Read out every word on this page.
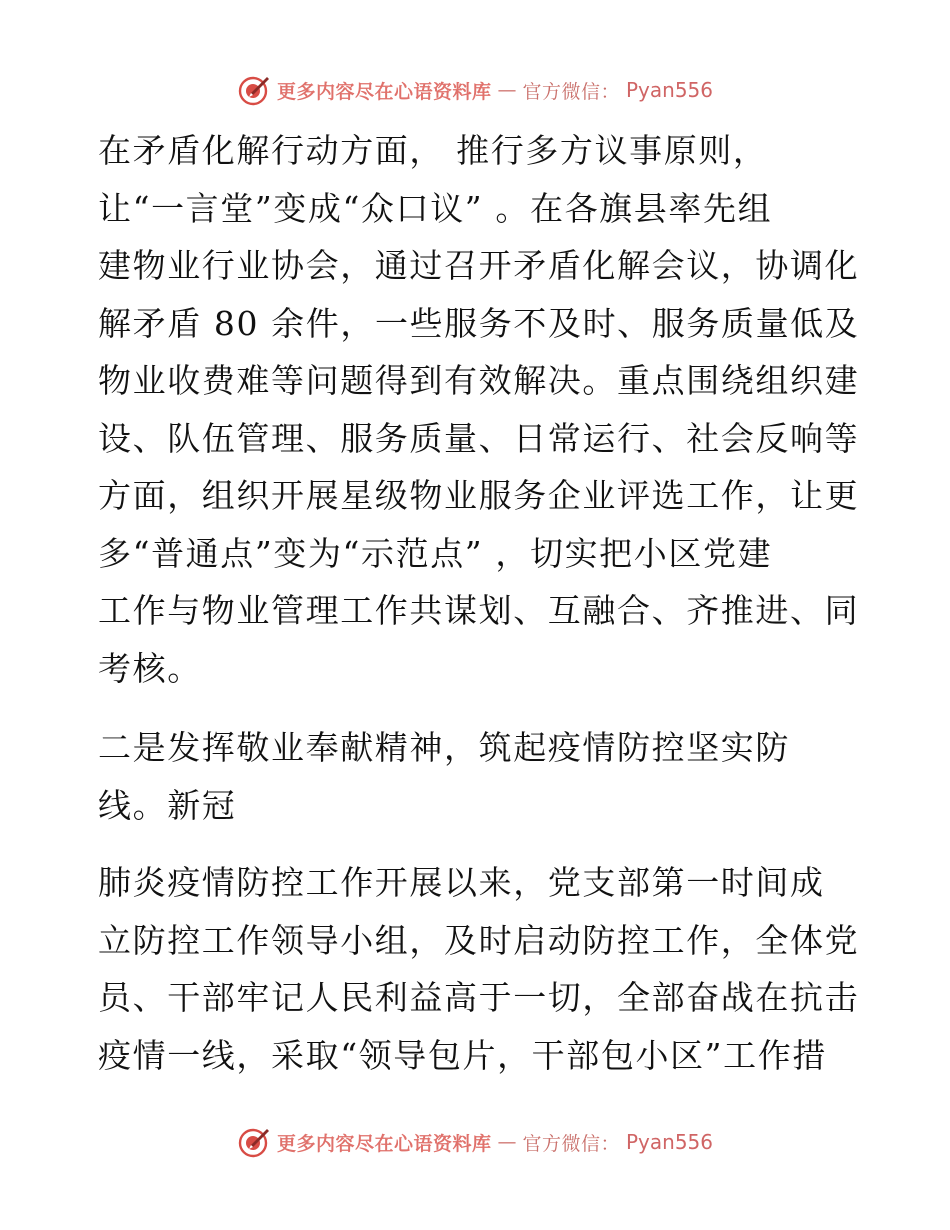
更多内容尽在心语资料库 — 官方微信： Pyan556

在矛盾化解行动方面， 推行多方议事原则，
让“一言堂”变成“众口议” 。在各旗县率先组
建物业行业协会，通过召开矛盾化解会议，协调化
解矛盾 80 余件，一些服务不及时、服务质量低及
物业收费难等问题得到有效解决。重点围绕组织建
设、队伍管理、服务质量、日常运行、社会反响等
方面，组织开展星级物业服务企业评选工作，让更
多“普通点”变为“示范点” ，切实把小区党建
工作与物业管理工作共谋划、互融合、齐推进、同
考核。

二是发挥敬业奉献精神，筑起疫情防控坚实防
线。新冠

肺炎疫情防控工作开展以来，党支部第一时间成
立防控工作领导小组，及时启动防控工作，全体党
员、干部牢记人民利益高于一切，全部奋战在抗击
疫情一线，采取“领导包片，干部包小区”工作措

更多内容尽在心语资料库 — 官方微信： Pyan556
